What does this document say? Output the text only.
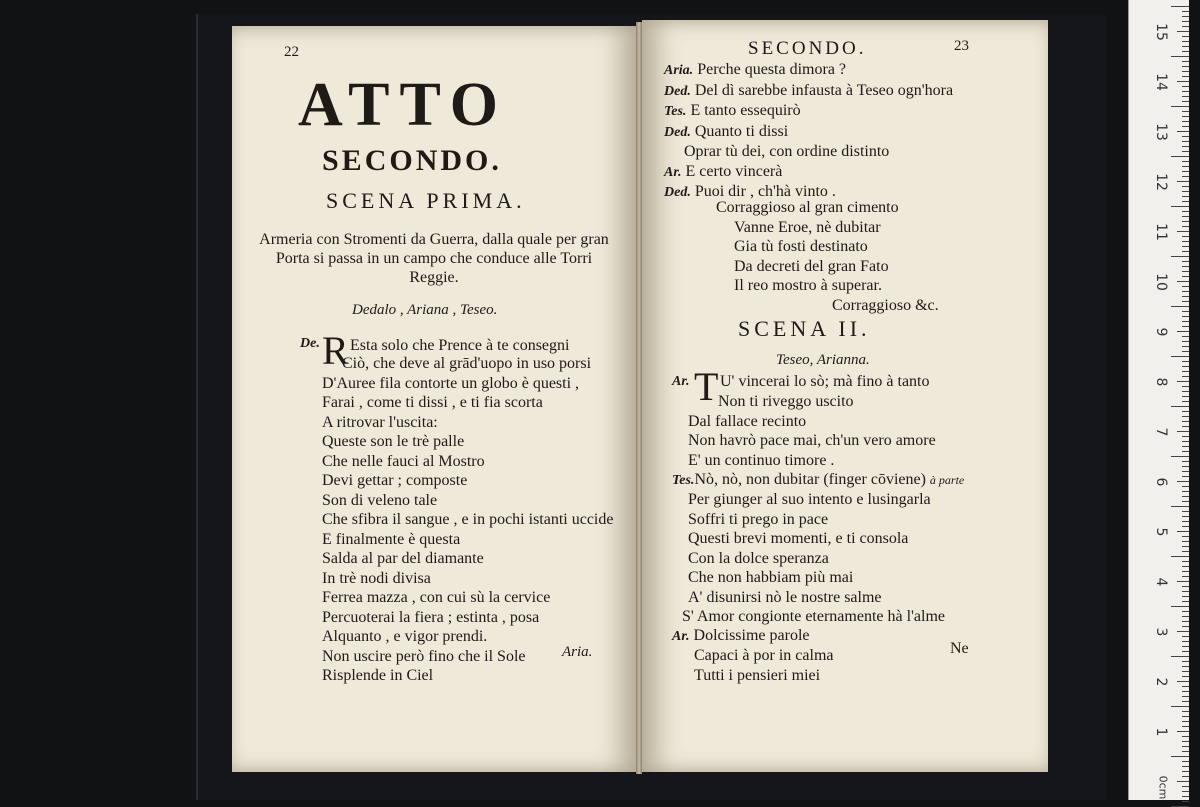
22
ATTO
SECONDO.
SCENA PRIMA.
Armeria con Stromenti da Guerra, dalla quale per gran Porta si passa in un campo che conduce alle Torri Reggie.
Dedalo , Ariana , Teseo.
De. R Esta solo che Prence à te consegni
Ciò, che deve al grād'uopo in uso porsi
D'Auree fila contorte un globo è questi ,
Farai , come ti dissi , e ti fia scorta
A ritrovar l'uscita:
Queste son le trè palle
Che nelle fauci al Mostro
Devi gettar ; composte
Son di veleno tale
Che sfibra il sangue , e in pochi istanti uccide
E finalmente è questa
Salda al par del diamante
In trè nodi divisa
Ferrea mazza , con cui sù la cervice
Percuoterai la fiera ; estinta , posa
Alquanto , e vigor prendi.
Non uscire però fino che il Sole
Risplende in Ciel
Aria.
SECONDO.	23
Aria. Perche questa dimora ?
Ded. Del dì sarebbe infausta à Teseo ogn'hora
Tes. E tanto essequirò
Ded. Quanto ti dissi
Oprar tù dei, con ordine distinto
Ar. E certo vincerà
Ded. Puoi dir , ch'hà vinto .
Corraggioso al gran cimento
Vanne Eroe, nè dubitar
Gia tù fosti destinato
Da decreti del gran Fato
Il reo mostro à superar.
Corraggioso &c.
SCENA II.
Teseo, Arianna.
Ar. T U' vincerai lo sò; mà fino à tanto
Non ti riveggo uscito
Dal fallace recinto
Non havrò pace mai, ch'un vero amore
E' un continuo timore .
Tes.Nò, nò, non dubitar (finger cōviene) à parte
Per giunger al suo intento e lusingarla
Soffri ti prego in pace
Questi brevi momenti, e ti consola
Con la dolce speranza
Che non habbiam più mai
A' disunirsi nò le nostre salme
S' Amor congionte eternamente hà l'alme
Ar. Dolcissime parole
Capaci à por in calma
Tutti i pensieri miei
Ne
15
14
13
12
11
10
9
8
7
6
5
4
3
2
1
0cm
